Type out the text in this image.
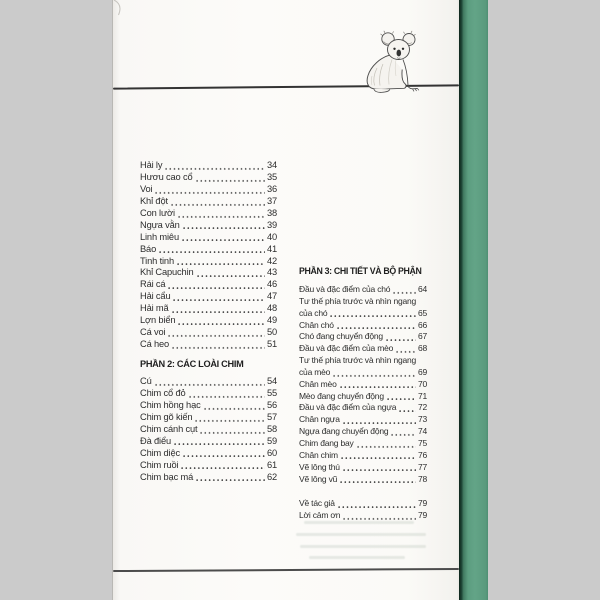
Hải ly	34
Hươu cao cổ	35
Voi	36
Khỉ đột	37
Con lười	38
Ngựa vằn	39
Linh miêu	40
Báo	41
Tinh tinh	42
Khỉ Capuchin	43
Rái cá	46
Hải cẩu	47
Hải mã	48
Lợn biển	49
Cá voi	50
Cá heo	51
PHẦN 2: CÁC LOÀI CHIM
Cú	54
Chim cổ đỏ	55
Chim hồng hạc	56
Chim gõ kiến	57
Chim cánh cụt	58
Đà điểu	59
Chim diệc	60
Chim ruồi	61
Chim bạc má	62
PHẦN 3: CHI TIẾT VÀ BỘ PHẬN
Đầu và đặc điểm của chó	64
Tư thế phía trước và nhìn ngang
của chó	65
Chân chó	66
Chó đang chuyển động	67
Đầu và đặc điểm của mèo	68
Tư thế phía trước và nhìn ngang
của mèo	69
Chân mèo	70
Mèo đang chuyển động	71
Đầu và đặc điểm của ngựa	72
Chân ngựa	73
Ngựa đang chuyển động	74
Chim đang bay	75
Chân chim	76
Vẽ lông thú	77
Vẽ lông vũ	78
Về tác giả	79
Lời cảm ơn	79
